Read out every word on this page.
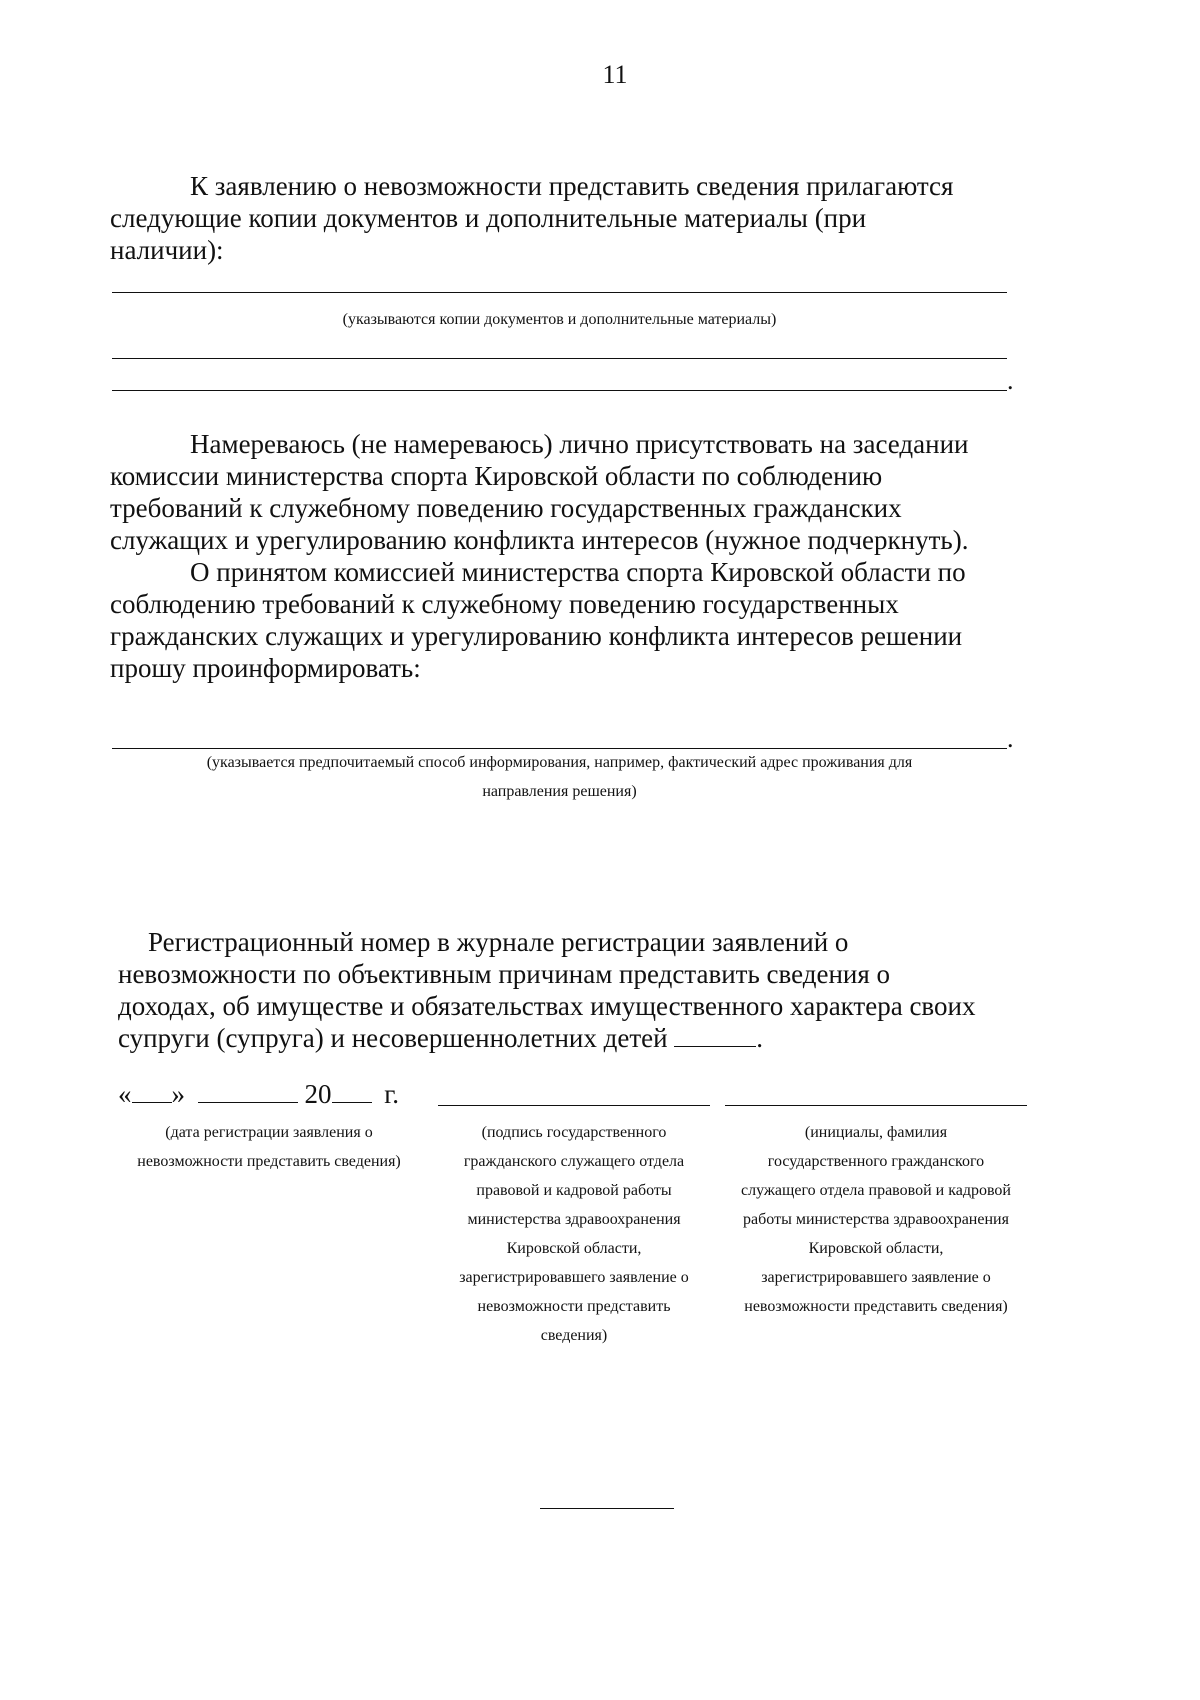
11
К заявлению о невозможности представить сведения прилагаются
следующие копии документов и дополнительные материалы (при
наличии):
(указываются копии документов и дополнительные материалы)
.
Намереваюсь (не намереваюсь) лично присутствовать на заседании
комиссии министерства спорта Кировской области по соблюдению
требований к служебному поведению государственных гражданских
служащих и урегулированию конфликта интересов (нужное подчеркнуть).
О принятом комиссией министерства спорта Кировской области по
соблюдению требований к служебному поведению государственных
гражданских служащих и урегулированию конфликта интересов решении
прошу проинформировать:
.
(указывается предпочитаемый способ информирования, например, фактический адрес проживания для
направления решения)
Регистрационный номер в журнале регистрации заявлений о
невозможности по объективным причинам представить сведения о
доходах, об имуществе и обязательствах имущественного характера своих
супруги (супруга) и несовершеннолетних детей	.
« »	20 г.
(дата регистрации заявления о
невозможности представить сведения)
(подпись государственного
гражданского служащего отдела
правовой и кадровой работы
министерства здравоохранения
Кировской области,
зарегистрировавшего заявление о
невозможности представить
сведения)
(инициалы, фамилия
государственного гражданского
служащего отдела правовой и кадровой
работы министерства здравоохранения
Кировской области,
зарегистрировавшего заявление о
невозможности представить сведения)
